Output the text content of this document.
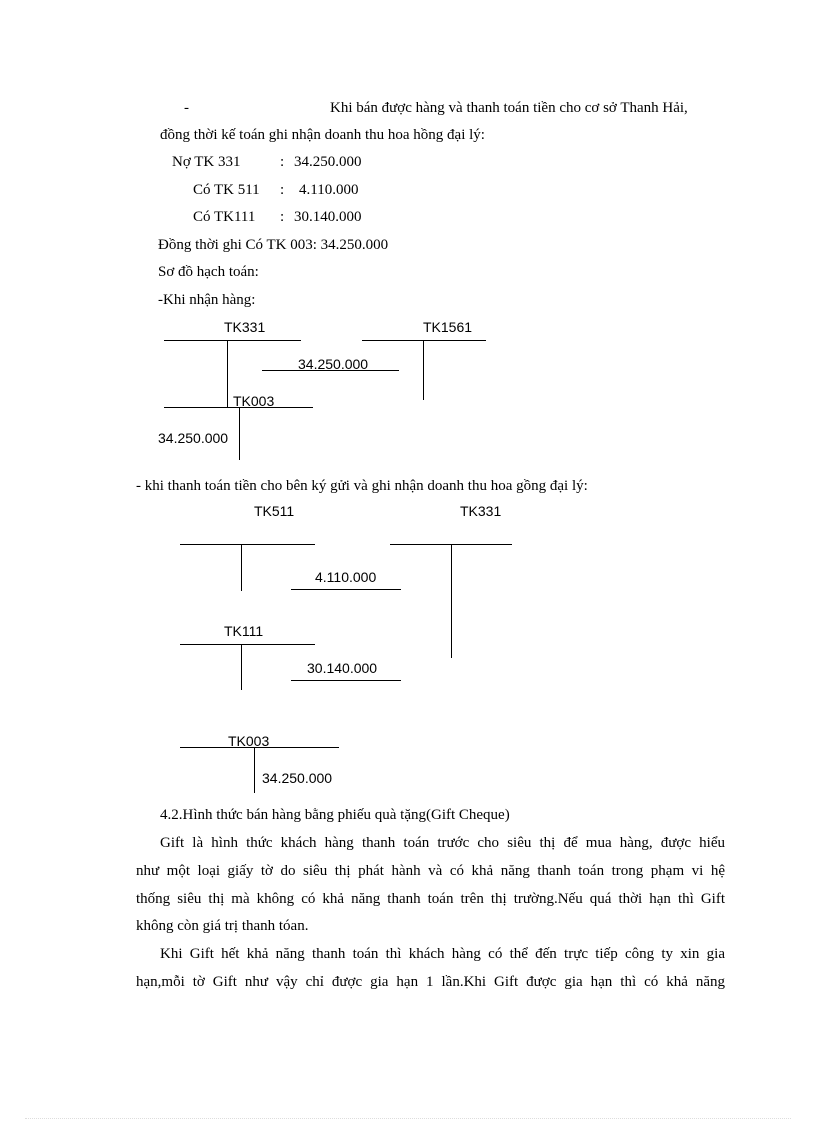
-	Khi bán được hàng và thanh toán tiền cho cơ sở Thanh Hải,
đồng thời kế toán ghi nhận doanh thu hoa hồng đại lý:
Nợ TK 331	: 34.250.000
Có TK 511 : 4.110.000
Có TK111 : 30.140.000
Đồng thời ghi Có TK 003: 34.250.000
Sơ đồ hạch toán:
-Khi nhận hàng:
TK331	TK1561
34.250.000
TK003
34.250.000
- khi thanh toán tiền cho bên ký gửi và ghi nhận doanh thu hoa gồng đại lý:
TK511	TK331
4.110.000
TK111
30.140.000
TK003
34.250.000
4.2.Hình thức bán hàng bằng phiếu quà tặng(Gift Cheque)
Gift là hình thức khách hàng thanh toán trước cho siêu thị để mua hàng, được hiểu
như một loại giấy tờ do siêu thị phát hành và có khả năng thanh toán trong phạm vi hệ
thống siêu thị mà không có khả năng thanh toán trên thị trường.Nếu quá thời hạn thì Gift
không còn giá trị thanh tóan.
Khi Gift hết khả năng thanh toán thì khách hàng có thể đến trực tiếp công ty xin gia
hạn,mỗi tờ Gift như vậy chỉ được gia hạn 1 lần.Khi Gift được gia hạn thì có khả năng
